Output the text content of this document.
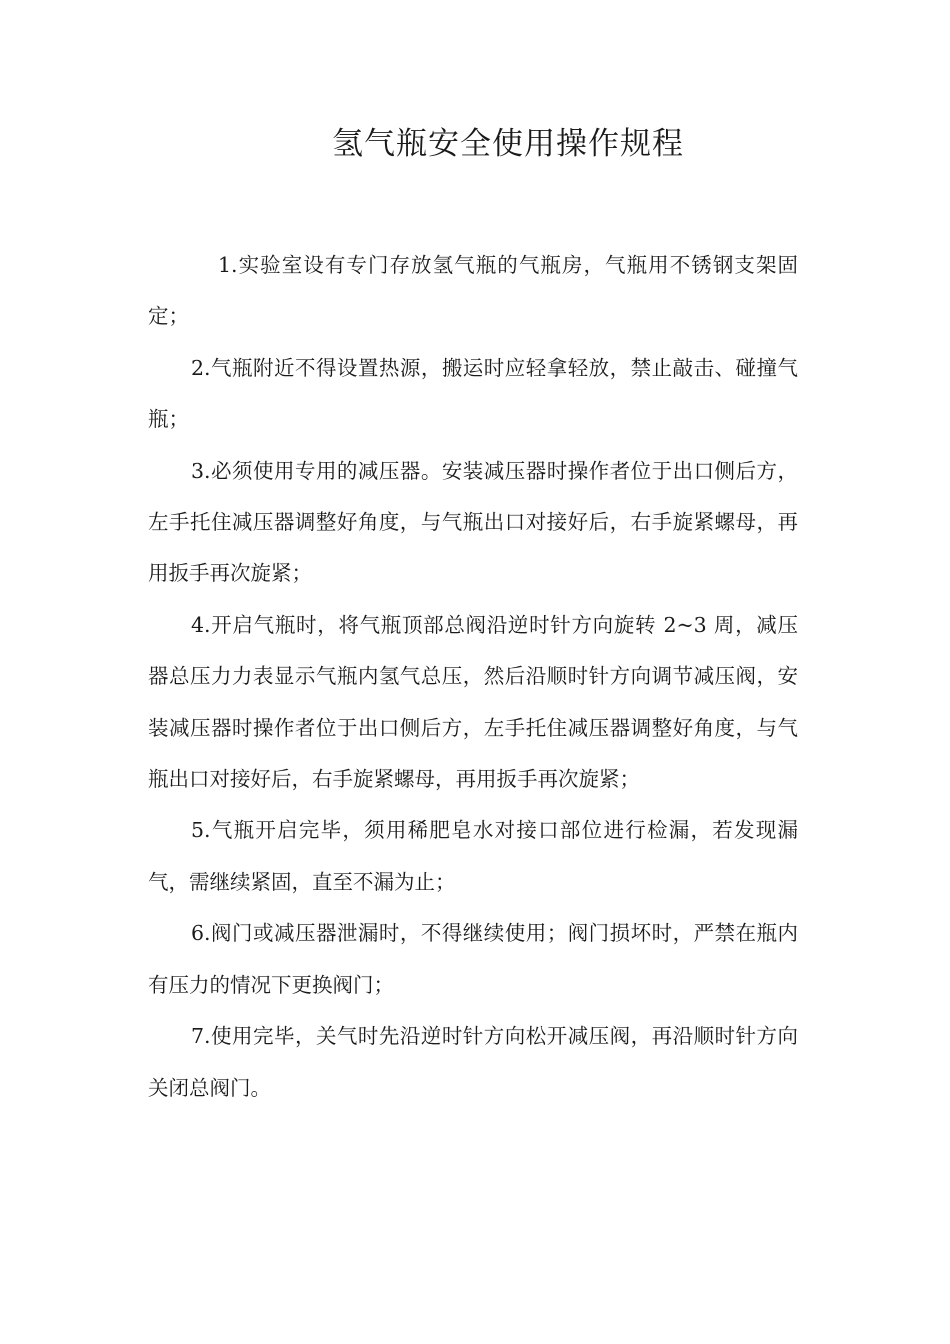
氢气瓶安全使用操作规程

1.实验室设有专门存放氢气瓶的气瓶房，气瓶用不锈钢支架固定；

2.气瓶附近不得设置热源，搬运时应轻拿轻放，禁止敲击、碰撞气瓶；

3.必须使用专用的减压器。安装减压器时操作者位于出口侧后方，左手托住减压器调整好角度，与气瓶出口对接好后，右手旋紧螺母，再用扳手再次旋紧；

4.开启气瓶时，将气瓶顶部总阀沿逆时针方向旋转 2~3 周，减压器总压力力表显示气瓶内氢气总压，然后沿顺时针方向调节减压阀，安装减压器时操作者位于出口侧后方，左手托住减压器调整好角度，与气瓶出口对接好后，右手旋紧螺母，再用扳手再次旋紧；

5.气瓶开启完毕，须用稀肥皂水对接口部位进行检漏，若发现漏气，需继续紧固，直至不漏为止；

6.阀门或减压器泄漏时，不得继续使用；阀门损坏时，严禁在瓶内有压力的情况下更换阀门；

7.使用完毕，关气时先沿逆时针方向松开减压阀，再沿顺时针方向关闭总阀门。
